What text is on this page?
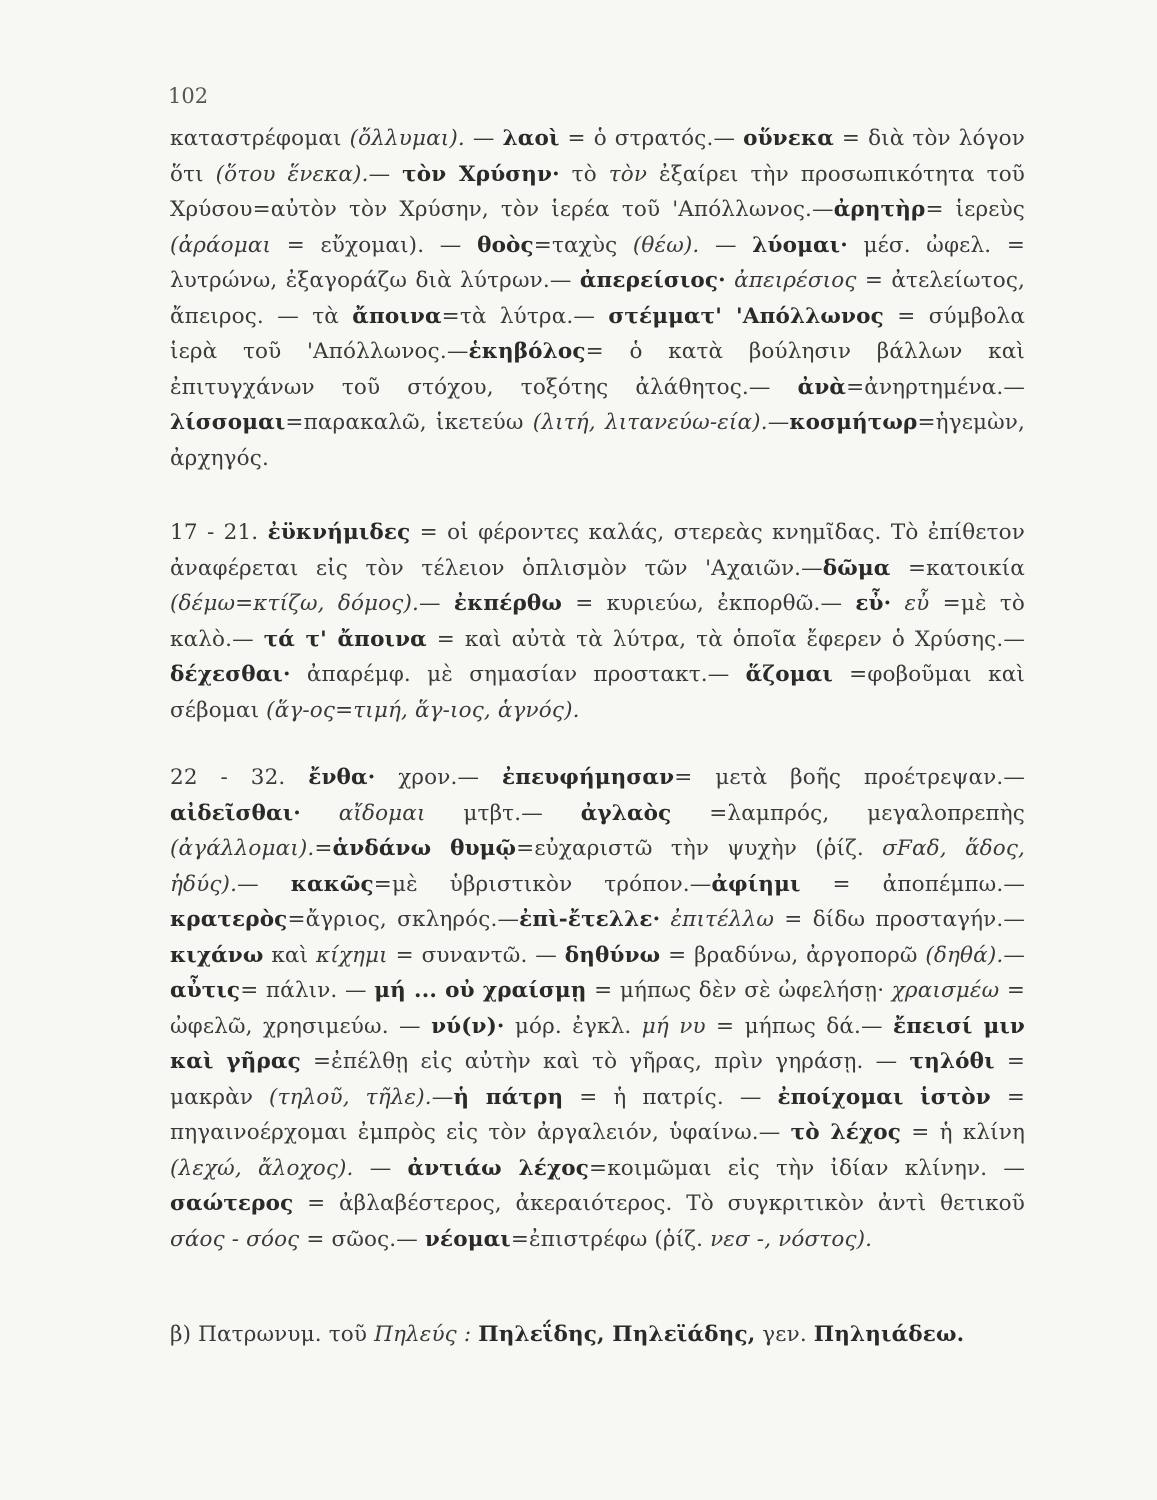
102
καταστρέφομαι (ὄλλυμαι). — λαοὶ = ὁ στρατός.— οὕνεκα = διὰ τὸν λόγον ὅτι (ὅτου ἕνεκα).— τὸν Χρύσην· τὸ τὸν ἐξαίρει τὴν προσωπικότητα τοῦ Χρύσου=αὐτὸν τὸν Χρύσην, τὸν ἱερέα τοῦ 'Απόλλωνος.—ἀρητὴρ= ἱερεὺς (ἀράομαι = εὔχομαι). — θοὸς=ταχὺς (θέω). — λύομαι· μέσ. ὠφελ. = λυτρώνω, ἐξαγοράζω διὰ λύτρων.— ἀπερείσιος· ἀπειρέσιος = ἀτελείωτος, ἄπειρος. — τὰ ἄποινα=τὰ λύτρα.— στέμματ' 'Απόλλωνος = σύμβολα ἱερὰ τοῦ 'Απόλλωνος.—ἑκηβόλος= ὁ κατὰ βούλησιν βάλλων καὶ ἐπιτυγχάνων τοῦ στόχου, τοξότης ἀλάθητος.— ἀνὰ=ἀνηρτημένα.— λίσσομαι=παρακαλῶ, ἱκετεύω (λιτή, λιτανεύω-εία).—κοσμήτωρ=ἡγεμὼν, ἀρχηγός.
17 - 21. ἐϋκνήμιδες = οἱ φέροντες καλάς, στερεὰς κνημῖδας. Τὸ ἐπίθετον ἀναφέρεται εἰς τὸν τέλειον ὁπλισμὸν τῶν 'Αχαιῶν.—δῶμα =κατοικία (δέμω=κτίζω, δόμος).— ἐκπέρθω = κυριεύω, ἐκπορθῶ.— εὖ· εὖ =μὲ τὸ καλὸ.— τά τ' ἄποινα = καὶ αὐτὰ τὰ λύτρα, τὰ ὁποῖα ἔφερεν ὁ Χρύσης.—δέχεσθαι· ἀπαρέμφ. μὲ σημασίαν προστακτ.— ἅζομαι =φοβοῦμαι καὶ σέβομαι (ἅγ-ος=τιμή, ἅγ-ιος, ἁγνός).
22 - 32. ἔνθα· χρον.— ἐπευφήμησαν= μετὰ βοῆς προέτρεψαν.— αἰδεῖσθαι· αἴδομαι μτβτ.— ἀγλαὸς =λαμπρός, μεγαλοπρεπὴς (ἀγάλλομαι).=ἁνδάνω θυμῷ=εὐχαριστῶ τὴν ψυχὴν (ῥίζ. σFαδ, ἅδος, ἡδύς).— κακῶς=μὲ ὑβριστικὸν τρόπον.—ἀφίημι = ἀποπέμπω.—κρατερὸς=ἄγριος, σκληρός.—ἐπὶ-ἔτελλε· ἐπιτέλλω = δίδω προσταγήν.— κιχάνω καὶ κίχημι = συναντῶ. — δηθύνω = βραδύνω, ἀργοπορῶ (δηθά).—αὖτις= πάλιν. — μή ... οὐ χραίσμῃ = μήπως δὲν σὲ ὠφελήσῃ· χραισμέω = ὠφελῶ, χρησιμεύω. — νύ(ν)· μόρ. ἐγκλ. μή νυ = μήπως δά.— ἔπεισί μιν καὶ γῆρας =ἐπέλθῃ εἰς αὐτὴν καὶ τὸ γῆρας, πρὶν γηράσῃ. — τηλόθι = μακρὰν (τηλοῦ, τῆλε).—ἡ πάτρη = ἡ πατρίς. — ἐποίχομαι ἱστὸν = πηγαινοέρχομαι ἐμπρὸς εἰς τὸν ἀργαλειόν, ὑφαίνω.— τὸ λέχος = ἡ κλίνη (λεχώ, ἄλοχος). — ἀντιάω λέχος=κοιμῶμαι εἰς τὴν ἰδίαν κλίνην. — σαώτερος = ἀβλαβέστερος, ἀκεραιότερος. Τὸ συγκριτικὸν ἀντὶ θετικοῦ σάος - σόος = σῶος.— νέομαι=ἐπιστρέφω (ῥίζ. νεσ -, νόστος).
β) Πατρωνυμ. τοῦ Πηλεύς : Πηλεΐδης, Πηλεϊάδης, γεν. Πηληιάδεω.
